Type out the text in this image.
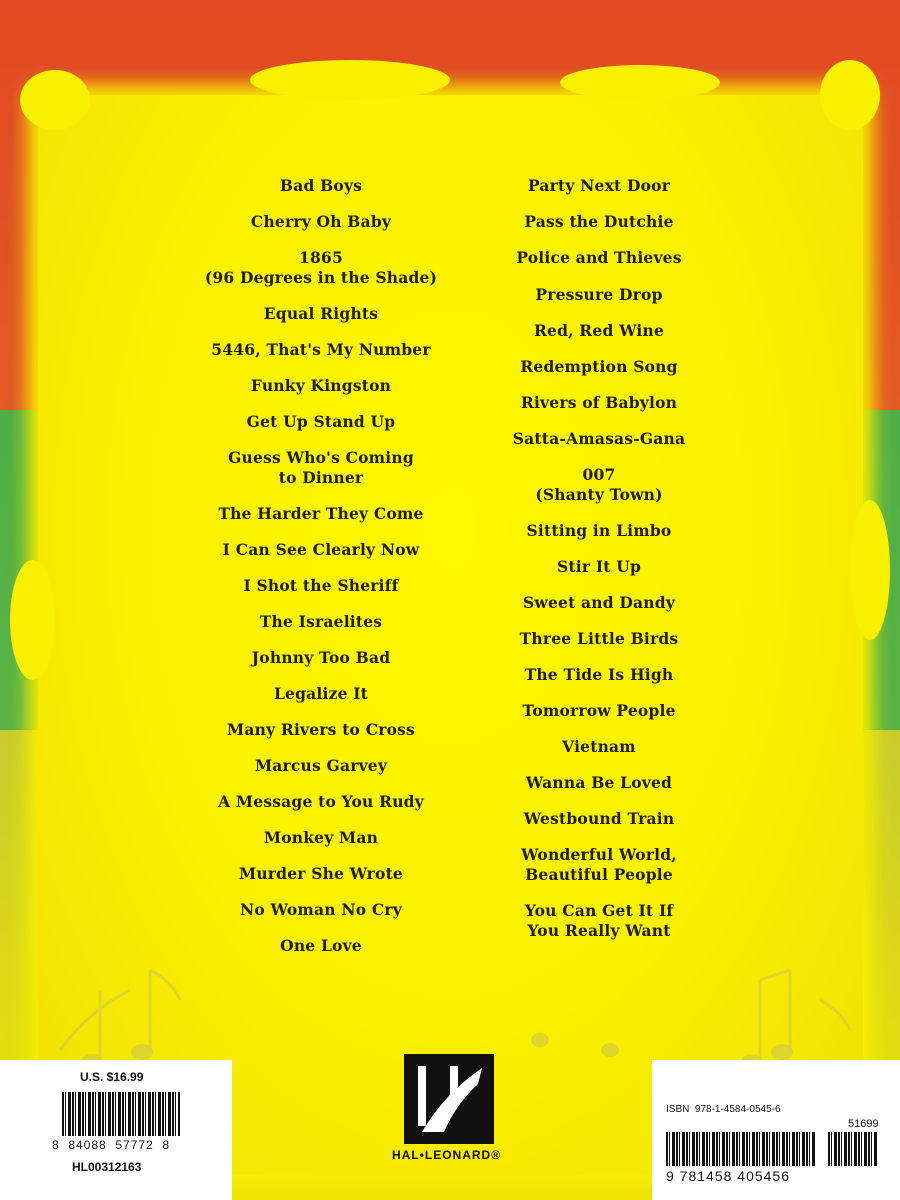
Bad Boys
Cherry Oh Baby
1865
(96 Degrees in the Shade)
Equal Rights
5446, That's My Number
Funky Kingston
Get Up Stand Up
Guess Who's Coming
to Dinner
The Harder They Come
I Can See Clearly Now
I Shot the Sheriff
The Israelites
Johnny Too Bad
Legalize It
Many Rivers to Cross
Marcus Garvey
A Message to You Rudy
Monkey Man
Murder She Wrote
No Woman No Cry
One Love
Party Next Door
Pass the Dutchie
Police and Thieves
Pressure Drop
Red, Red Wine
Redemption Song
Rivers of Babylon
Satta-Amasas-Gana
007
(Shanty Town)
Sitting in Limbo
Stir It Up
Sweet and Dandy
Three Little Birds
The Tide Is High
Tomorrow People
Vietnam
Wanna Be Loved
Westbound Train
Wonderful World,
Beautiful People
You Can Get It If
You Really Want
U.S. $16.99
8  84088  57772  8
HL00312163
HAL•LEONARD®
ISBN  978-1-4584-0545-6
51699
9 781458 405456
